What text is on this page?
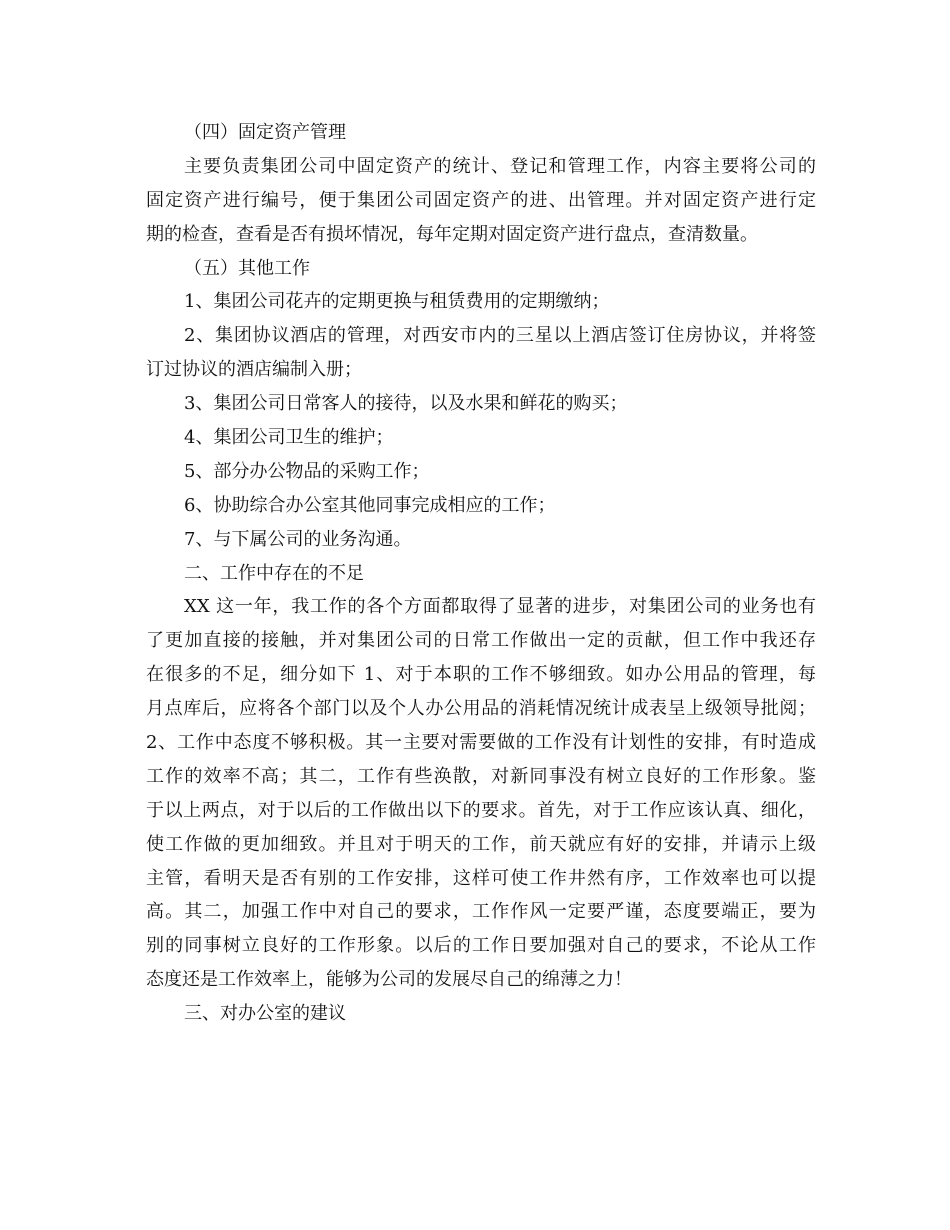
（四）固定资产管理
主要负责集团公司中固定资产的统计、登记和管理工作，内容主要将公司的
固定资产进行编号，便于集团公司固定资产的进、出管理。并对固定资产进行定
期的检查，查看是否有损坏情况，每年定期对固定资产进行盘点，查清数量。
（五）其他工作
1、集团公司花卉的定期更换与租赁费用的定期缴纳；
2、集团协议酒店的管理，对西安市内的三星以上酒店签订住房协议，并将签
订过协议的酒店编制入册；
3、集团公司日常客人的接待，以及水果和鲜花的购买；
4、集团公司卫生的维护；
5、部分办公物品的采购工作；
6、协助综合办公室其他同事完成相应的工作；
7、与下属公司的业务沟通。
二、工作中存在的不足
XX 这一年，我工作的各个方面都取得了显著的进步，对集团公司的业务也有
了更加直接的接触，并对集团公司的日常工作做出一定的贡献，但工作中我还存
在很多的不足，细分如下 1、对于本职的工作不够细致。如办公用品的管理，每
月点库后，应将各个部门以及个人办公用品的消耗情况统计成表呈上级领导批阅；
2、工作中态度不够积极。其一主要对需要做的工作没有计划性的安排，有时造成
工作的效率不高；其二，工作有些涣散，对新同事没有树立良好的工作形象。鉴
于以上两点，对于以后的工作做出以下的要求。首先，对于工作应该认真、细化，
使工作做的更加细致。并且对于明天的工作，前天就应有好的安排，并请示上级
主管，看明天是否有别的工作安排，这样可使工作井然有序，工作效率也可以提
高。其二，加强工作中对自己的要求，工作作风一定要严谨，态度要端正，要为
别的同事树立良好的工作形象。以后的工作日要加强对自己的要求，不论从工作
态度还是工作效率上，能够为公司的发展尽自己的绵薄之力！
三、对办公室的建议
